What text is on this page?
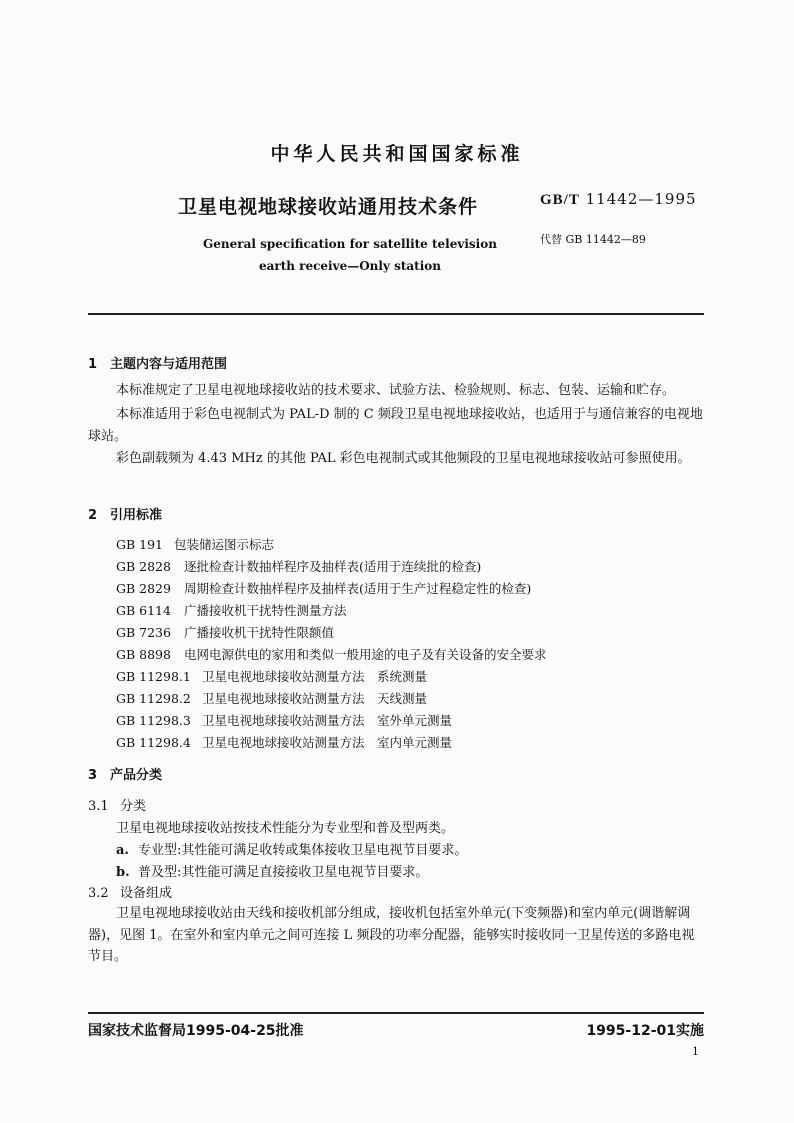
中华人民共和国国家标准
卫星电视地球接收站通用技术条件	GB/T 11442—1995
代替 GB 11442—89
General specification for satellite television
earth receive—Only station
1 主题内容与适用范围
本标准规定了卫星电视地球接收站的技术要求、试验方法、检验规则、标志、包装、运输和贮存。
本标准适用于彩色电视制式为 PAL-D 制的 C 频段卫星电视地球接收站，也适用于与通信兼容的电视地球站。
彩色副载频为 4.43 MHz 的其他 PAL 彩色电视制式或其他频段的卫星电视地球接收站可参照使用。
2 引用标准
GB 191 包装储运图示标志
GB 2828 逐批检查计数抽样程序及抽样表(适用于连续批的检查)
GB 2829 周期检查计数抽样程序及抽样表(适用于生产过程稳定性的检查)
GB 6114 广播接收机干扰特性测量方法
GB 7236 广播接收机干扰特性限额值
GB 8898 电网电源供电的家用和类似一般用途的电子及有关设备的安全要求
GB 11298.1 卫星电视地球接收站测量方法　系统测量
GB 11298.2 卫星电视地球接收站测量方法　天线测量
GB 11298.3 卫星电视地球接收站测量方法　室外单元测量
GB 11298.4 卫星电视地球接收站测量方法　室内单元测量
3 产品分类
3.1 分类
卫星电视地球接收站按技术性能分为专业型和普及型两类。
a. 专业型:其性能可满足收转或集体接收卫星电视节目要求。
b. 普及型:其性能可满足直接接收卫星电视节目要求。
3.2 设备组成
卫星电视地球接收站由天线和接收机部分组成，接收机包括室外单元(下变频器)和室内单元(调谐解调器)，见图 1。在室外和室内单元之间可连接 L 频段的功率分配器，能够实时接收同一卫星传送的多路电视节目。
国家技术监督局1995-04-25批准	1995-12-01实施
1
